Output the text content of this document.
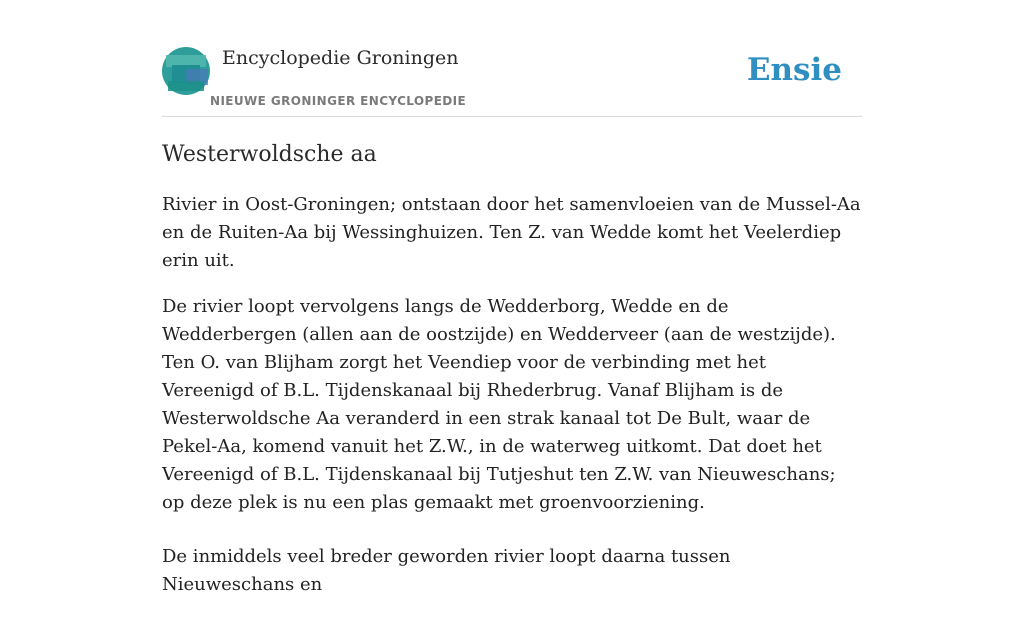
Encyclopedie Groningen
NIEUWE GRONINGER ENCYCLOPEDIE
Ensie
Westerwoldsche aa

Rivier in Oost-Groningen; ontstaan door het samenvloeien van de Mussel-Aa en de Ruiten-Aa bij Wessinghuizen. Ten Z. van Wedde komt het Veelerdiep erin uit.

De rivier loopt vervolgens langs de Wedderborg, Wedde en de Wedderbergen (allen aan de oostzijde) en Wedderveer (aan de westzijde). Ten O. van Blijham zorgt het Veendiep voor de verbinding met het Vereenigd of B.L. Tijdenskanaal bij Rhederbrug. Vanaf Blijham is de Westerwoldsche Aa veranderd in een strak kanaal tot De Bult, waar de Pekel-Aa, komend vanuit het Z.W., in de waterweg uitkomt. Dat doet het Vereenigd of B.L. Tijdenskanaal bij Tutjeshut ten Z.W. van Nieuweschans; op deze plek is nu een plas gemaakt met groenvoorziening.

De inmiddels veel breder geworden rivier loopt daarna tussen Nieuweschans en
